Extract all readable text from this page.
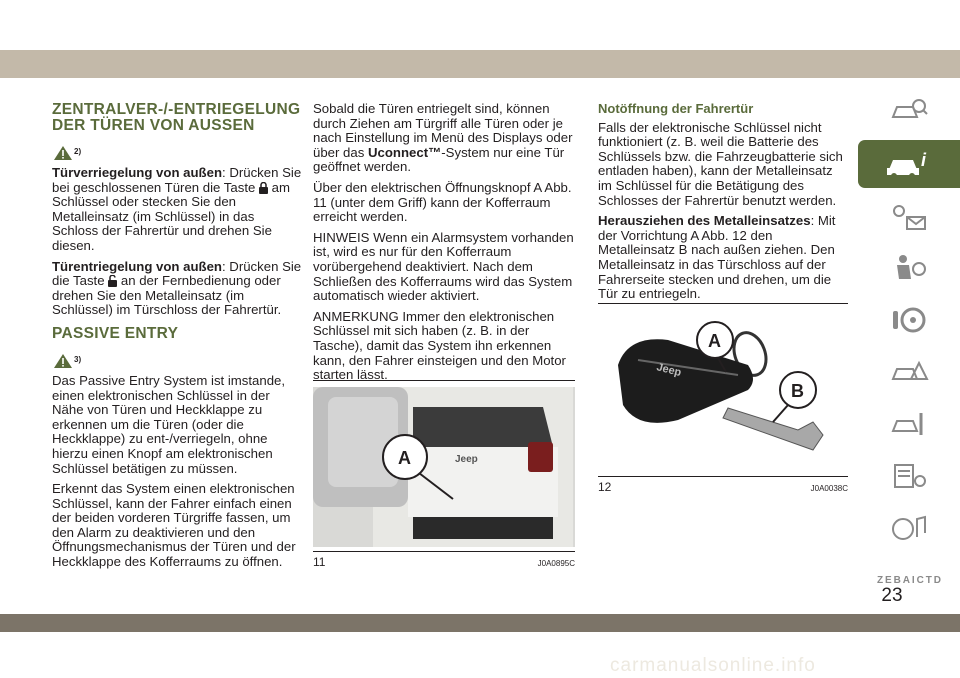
ZENTRALVER-/-ENTRIEGELUNG DER TÜREN VON AUSSEN
2)

Türverriegelung von außen: Drücken Sie bei geschlossenen Türen die Taste am Schlüssel oder stecken Sie den Metalleinsatz (im Schlüssel) in das Schloss der Fahrertür und drehen Sie diesen.

Türentriegelung von außen: Drücken Sie die Taste an der Fernbedienung oder drehen Sie den Metalleinsatz (im Schlüssel) im Türschloss der Fahrertür.

PASSIVE ENTRY
3)

Das Passive Entry System ist imstande, einen elektronischen Schlüssel in der Nähe von Türen und Heckklappe zu erkennen um die Türen (oder die Heckklappe) zu ent-/verriegeln, ohne hierzu einen Knopf am elektronischen Schlüssel betätigen zu müssen.

Erkennt das System einen elektronischen Schlüssel, kann der Fahrer einfach einen der beiden vorderen Türgriffe fassen, um den Alarm zu deaktivieren und den Öffnungsmechanismus der Türen und der Heckklappe des Kofferraums zu öffnen.

Sobald die Türen entriegelt sind, können durch Ziehen am Türgriff alle Türen oder je nach Einstellung im Menü des Displays oder über das Uconnect™-System nur eine Tür geöffnet werden.

Über den elektrischen Öffnungsknopf A Abb. 11 (unter dem Griff) kann der Kofferraum erreicht werden.

HINWEIS Wenn ein Alarmsystem vorhanden ist, wird es nur für den Kofferraum vorübergehend deaktiviert. Nach dem Schließen des Kofferraums wird das System automatisch wieder aktiviert.

ANMERKUNG Immer den elektronischen Schlüssel mit sich haben (z. B. in der Tasche), damit das System ihn erkennen kann, den Fahrer einsteigen und den Motor starten lässt.

Jeep
A
11	J0A0895C
Notöffnung der Fahrertür

Falls der elektronische Schlüssel nicht funktioniert (z. B. weil die Batterie des Schlüssels bzw. die Fahrzeugbatterie sich entladen haben), kann der Metalleinsatz im Schlüssel für die Betätigung des Schlosses der Fahrertür benutzt werden.

Herausziehen des Metalleinsatzes: Mit der Vorrichtung A Abb. 12 den Metalleinsatz B nach außen ziehen. Den Metalleinsatz in das Türschloss auf der Fahrerseite stecken und drehen, um die Tür zu entriegeln.

Jeep
A
B
12	J0A0038C
i
Z E B A I C T D
23
carmanualsonline.info
